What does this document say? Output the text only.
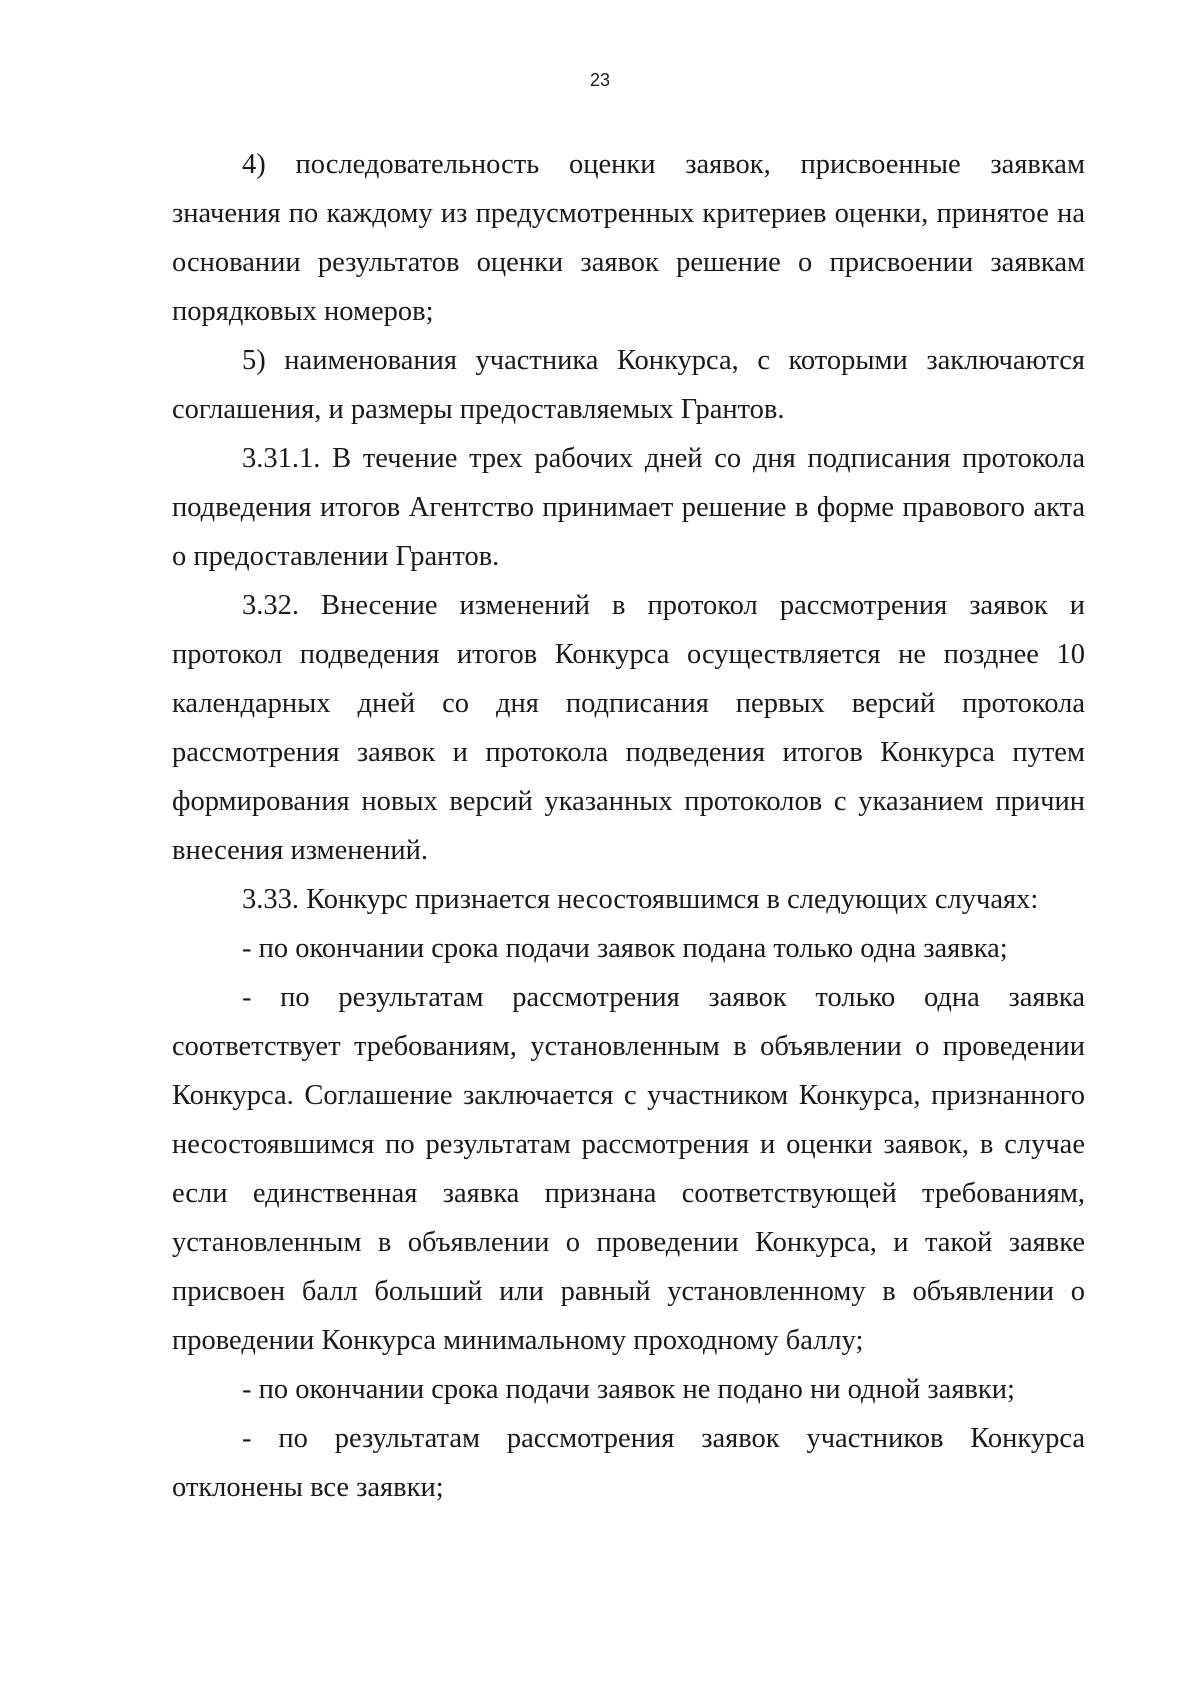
23

4) последовательность оценки заявок, присвоенные заявкам значения по каждому из предусмотренных критериев оценки, принятое на основании результатов оценки заявок решение о присвоении заявкам порядковых номеров;

5) наименования участника Конкурса, с которыми заключаются соглашения, и размеры предоставляемых Грантов.

3.31.1. В течение трех рабочих дней со дня подписания протокола подведения итогов Агентство принимает решение в форме правового акта о предоставлении Грантов.

3.32. Внесение изменений в протокол рассмотрения заявок и протокол подведения итогов Конкурса осуществляется не позднее 10 календарных дней со дня подписания первых версий протокола рассмотрения заявок и протокола подведения итогов Конкурса путем формирования новых версий указанных протоколов с указанием причин внесения изменений.

3.33. Конкурс признается несостоявшимся в следующих случаях:

- по окончании срока подачи заявок подана только одна заявка;

- по результатам рассмотрения заявок только одна заявка соответствует требованиям, установленным в объявлении о проведении Конкурса. Соглашение заключается с участником Конкурса, признанного несостоявшимся по результатам рассмотрения и оценки заявок, в случае если единственная заявка признана соответствующей требованиям, установленным в объявлении о проведении Конкурса, и такой заявке присвоен балл больший или равный установленному в объявлении о проведении Конкурса минимальному проходному баллу;

- по окончании срока подачи заявок не подано ни одной заявки;

- по результатам рассмотрения заявок участников Конкурса отклонены все заявки;
